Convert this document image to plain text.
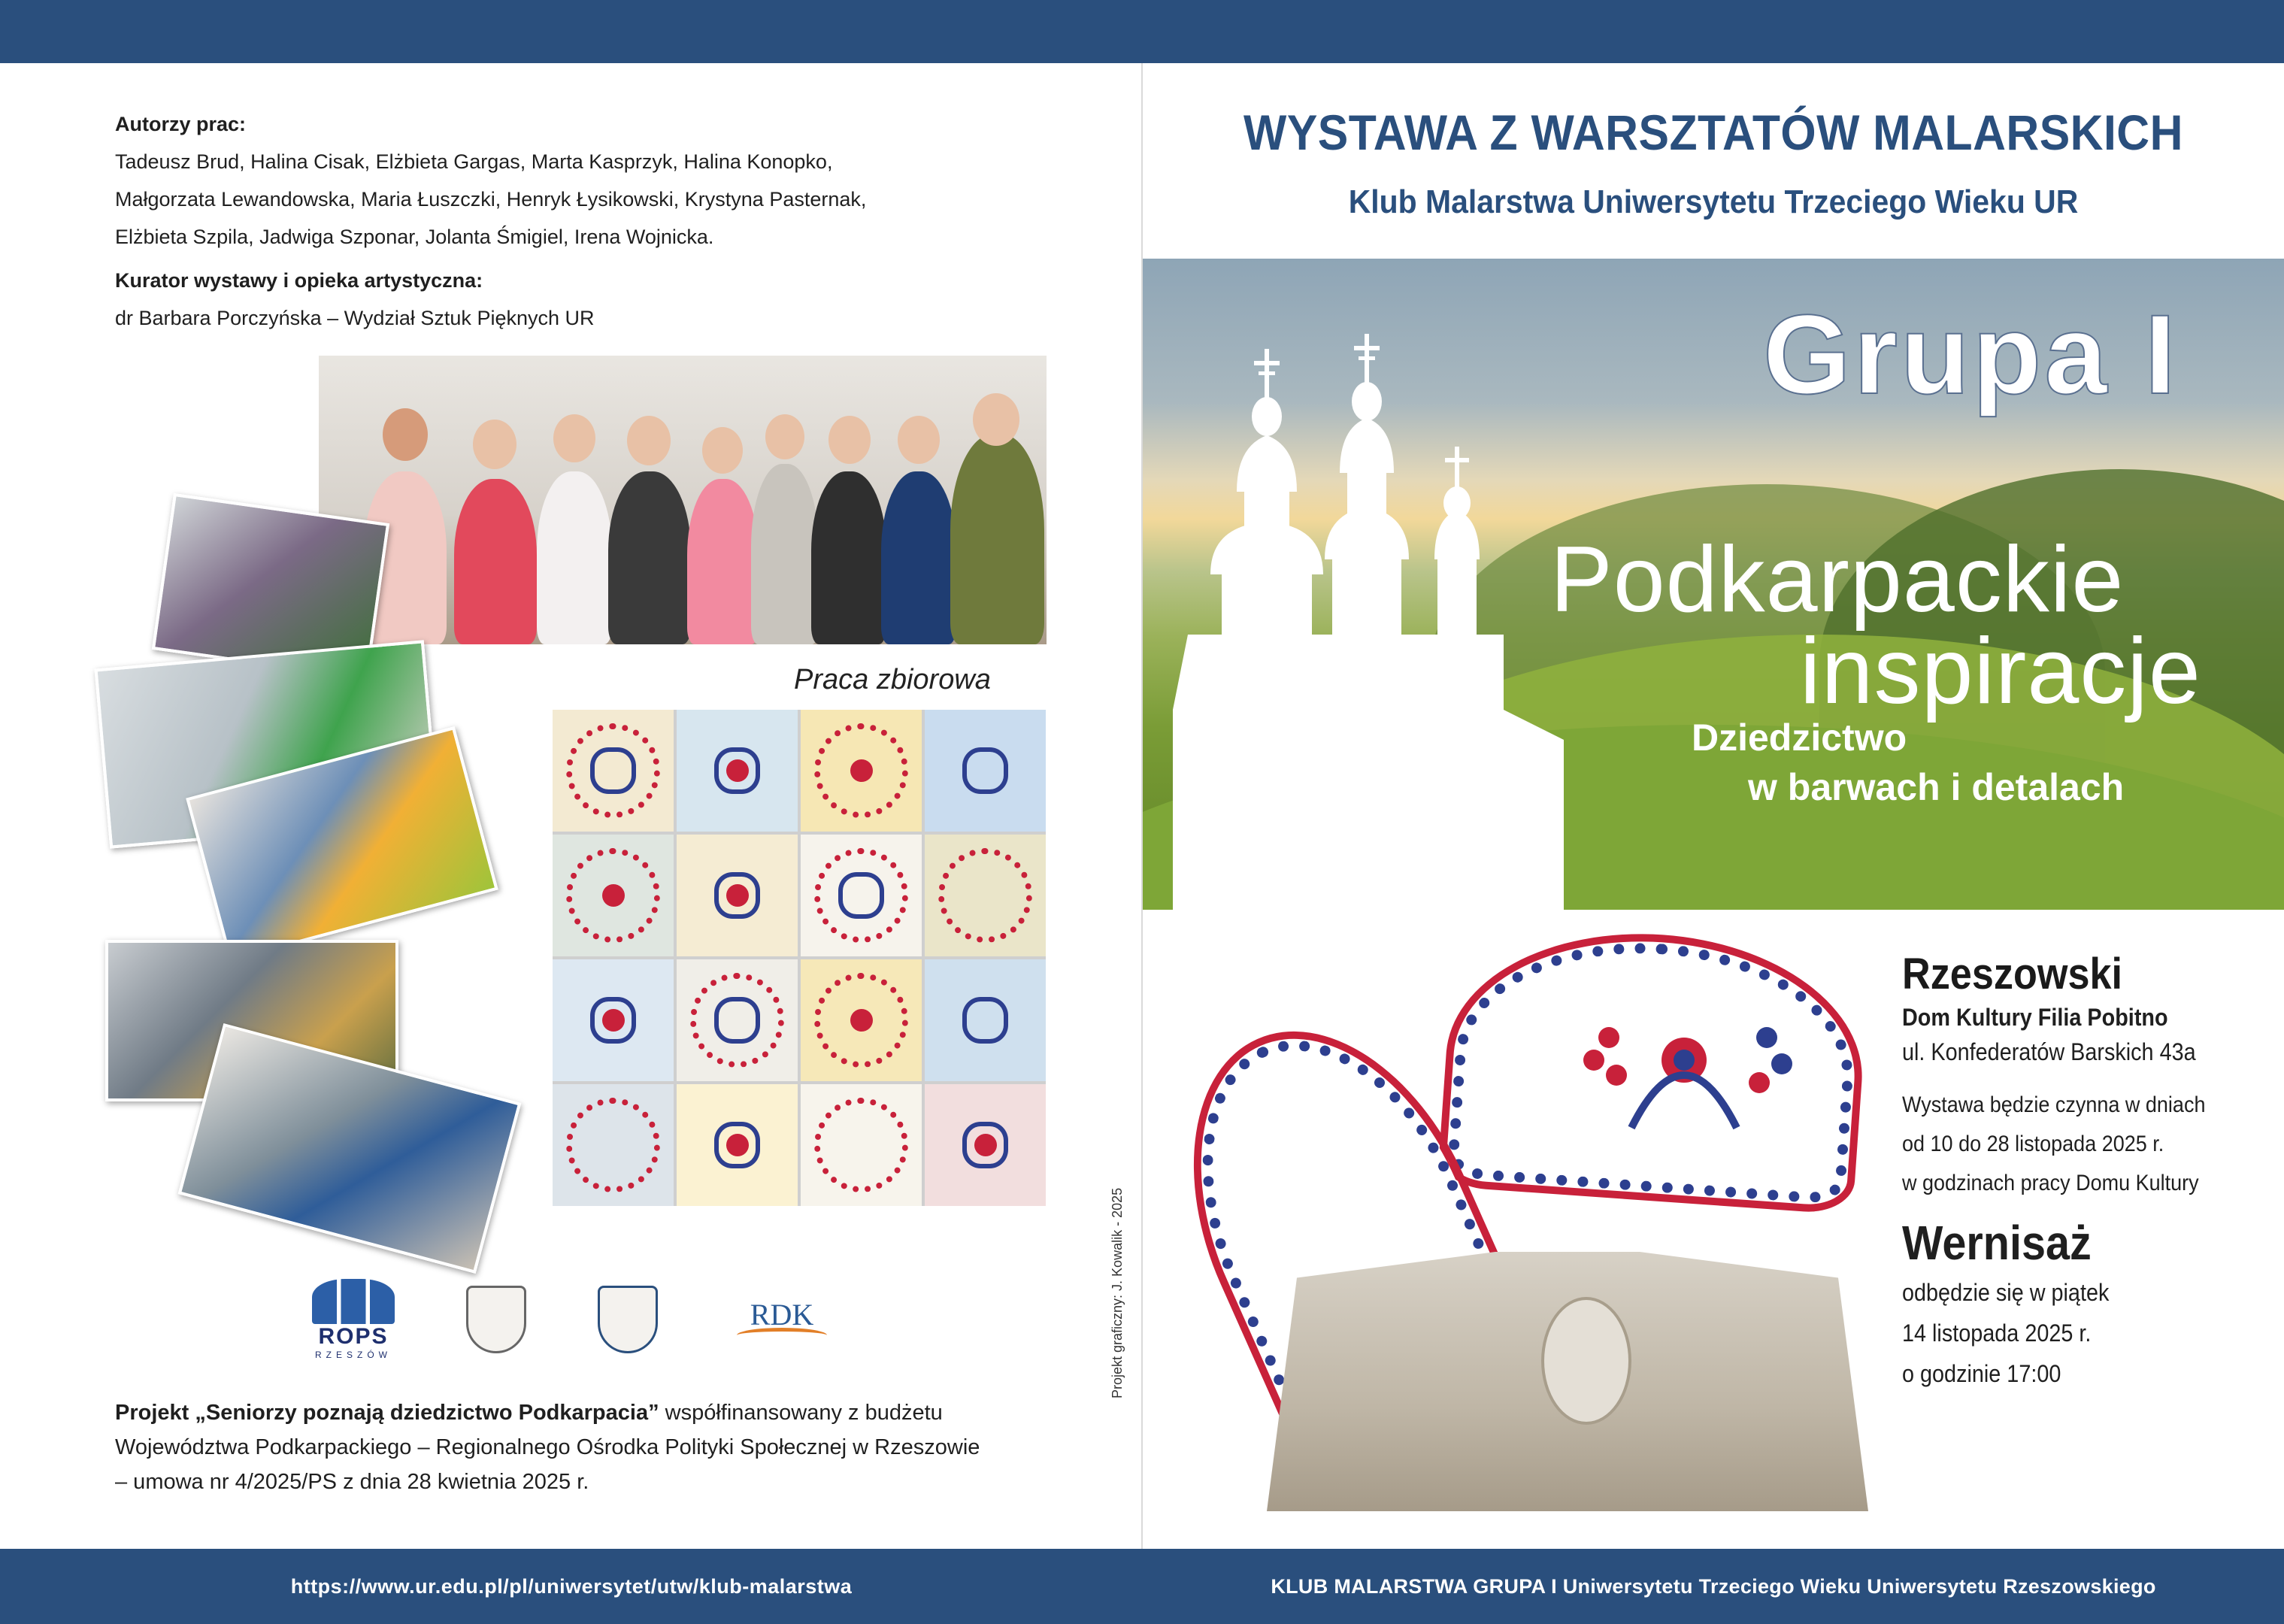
Autorzy prac:
Tadeusz Brud, Halina Cisak, Elżbieta Gargas, Marta Kasprzyk, Halina Konopko,
Małgorzata Lewandowska, Maria Łuszczki, Henryk Łysikowski, Krystyna Pasternak,
Elżbieta Szpila, Jadwiga Szponar, Jolanta Śmigiel, Irena Wojnicka.
Kurator wystawy i opieka artystyczna:
dr Barbara Porczyńska – Wydział Sztuk Pięknych UR
Praca zbiorowa
ROPS
RZESZÓW
RDK	Projekt graficzny: J. Kowalik - 2025
Projekt „Seniorzy poznają dziedzictwo Podkarpacia” współfinansowany z budżetu
Województwa Podkarpackiego – Regionalnego Ośrodka Polityki Społecznej w Rzeszowie
– umowa nr 4/2025/PS z dnia 28 kwietnia 2025 r.
WYSTAWA Z WARSZTATÓW MALARSKICH
Klub Malarstwa Uniwersytetu Trzeciego Wieku UR
Grupa I
Podkarpackie
inspiracje
Dziedzictwo
w barwach i detalach
Rzeszowski
Dom Kultury Filia Pobitno
ul. Konfederatów Barskich 43a
Wystawa będzie czynna w dniach
od 10 do 28 listopada 2025 r.
w godzinach pracy Domu Kultury
Wernisaż
odbędzie się w piątek
14 listopada 2025 r.
o godzinie 17:00
https://www.ur.edu.pl/pl/uniwersytet/utw/klub-malarstwa	KLUB MALARSTWA GRUPA I Uniwersytetu Trzeciego Wieku Uniwersytetu Rzeszowskiego
